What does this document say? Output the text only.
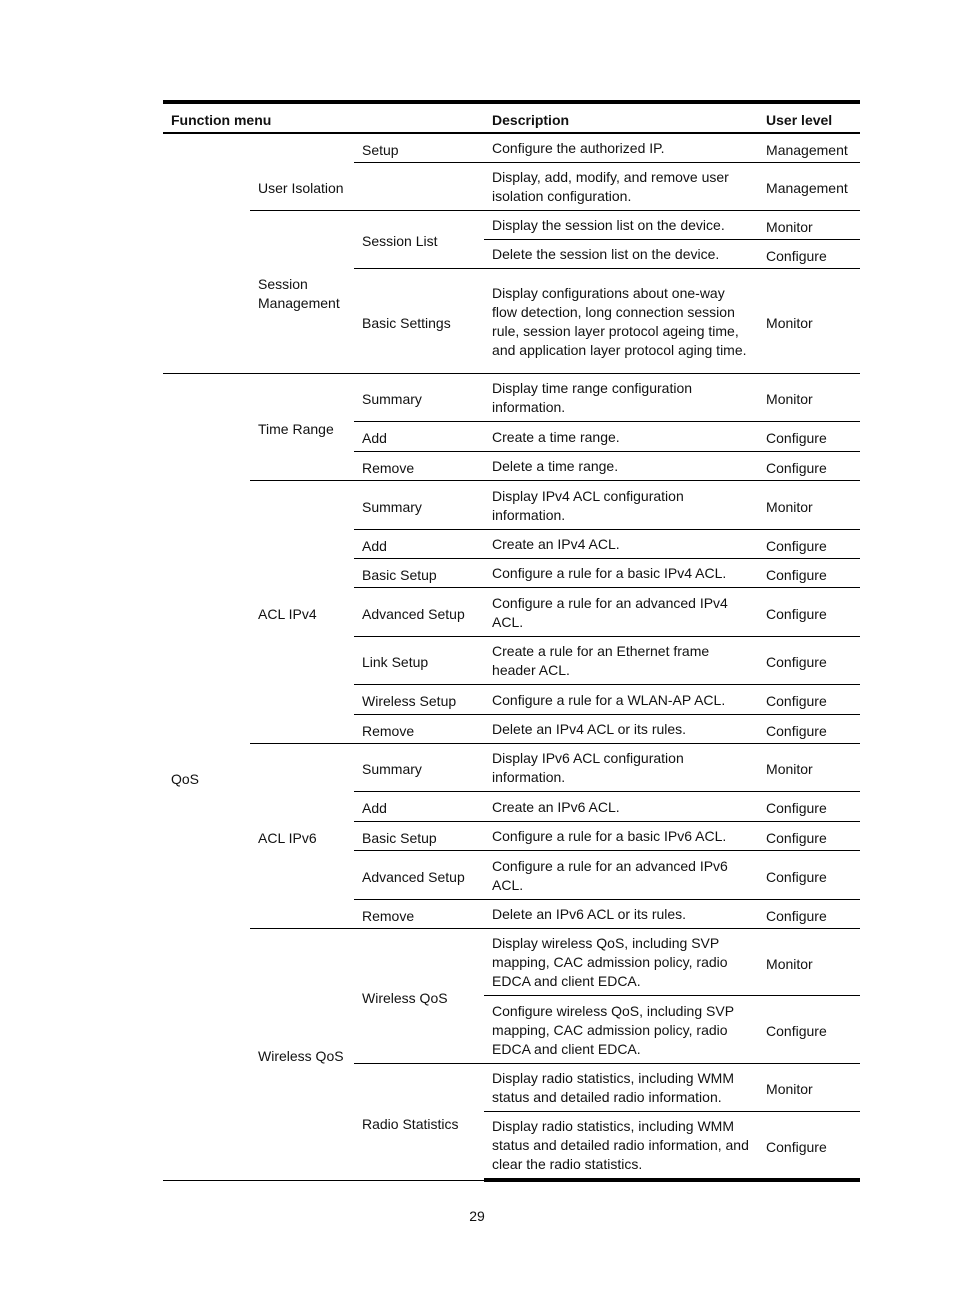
Function menu			Description	User level
		Setup	Configure the authorized IP.	Management
	User Isolation		Display, add, modify, and remove user isolation configuration.	Management
	Session Management	Session List	Display the session list on the device.	Monitor
			Delete the session list on the device.	Configure
		Basic Settings	Display configurations about one-way flow detection, long connection session rule, session layer protocol ageing time, and application layer protocol aging time.	Monitor
QoS	Time Range	Summary	Display time range configuration information.	Monitor
		Add	Create a time range.	Configure
		Remove	Delete a time range.	Configure
	ACL IPv4	Summary	Display IPv4 ACL configuration information.	Monitor
		Add	Create an IPv4 ACL.	Configure
		Basic Setup	Configure a rule for a basic IPv4 ACL.	Configure
		Advanced Setup	Configure a rule for an advanced IPv4 ACL.	Configure
		Link Setup	Create a rule for an Ethernet frame header ACL.	Configure
		Wireless Setup	Configure a rule for a WLAN-AP ACL.	Configure
		Remove	Delete an IPv4 ACL or its rules.	Configure
	ACL IPv6	Summary	Display IPv6 ACL configuration information.	Monitor
		Add	Create an IPv6 ACL.	Configure
		Basic Setup	Configure a rule for a basic IPv6 ACL.	Configure
		Advanced Setup	Configure a rule for an advanced IPv6 ACL.	Configure
		Remove	Delete an IPv6 ACL or its rules.	Configure
	Wireless QoS	Wireless QoS	Display wireless QoS, including SVP mapping, CAC admission policy, radio EDCA and client EDCA.	Monitor
			Configure wireless QoS, including SVP mapping, CAC admission policy, radio EDCA and client EDCA.	Configure
		Radio Statistics	Display radio statistics, including WMM status and detailed radio information.	Monitor
			Display radio statistics, including WMM status and detailed radio information, and clear the radio statistics.	Configure
29
